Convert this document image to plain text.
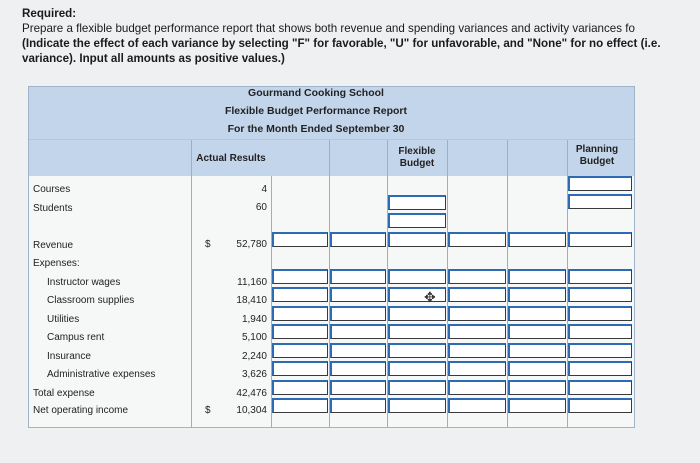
Required:
Prepare a flexible budget performance report that shows both revenue and spending variances and activity variances fo
(Indicate the effect of each variance by selecting "F" for favorable, "U" for unfavorable, and "None" for no effect (i.e.
variance). Input all amounts as positive values.)
Gourmand Cooking School
Flexible Budget Performance Report
For the Month Ended September 30
Actual Results
Flexible
Budget
Planning
Budget
Courses
Students
Revenue
Expenses:
Instructor wages
Classroom supplies
Utilities
Campus rent
Insurance
Administrative expenses
Total expense
Net operating income
$
$
4
60
52,780
11,160
18,410
1,940
5,100
2,240
3,626
42,476
10,304
✥
